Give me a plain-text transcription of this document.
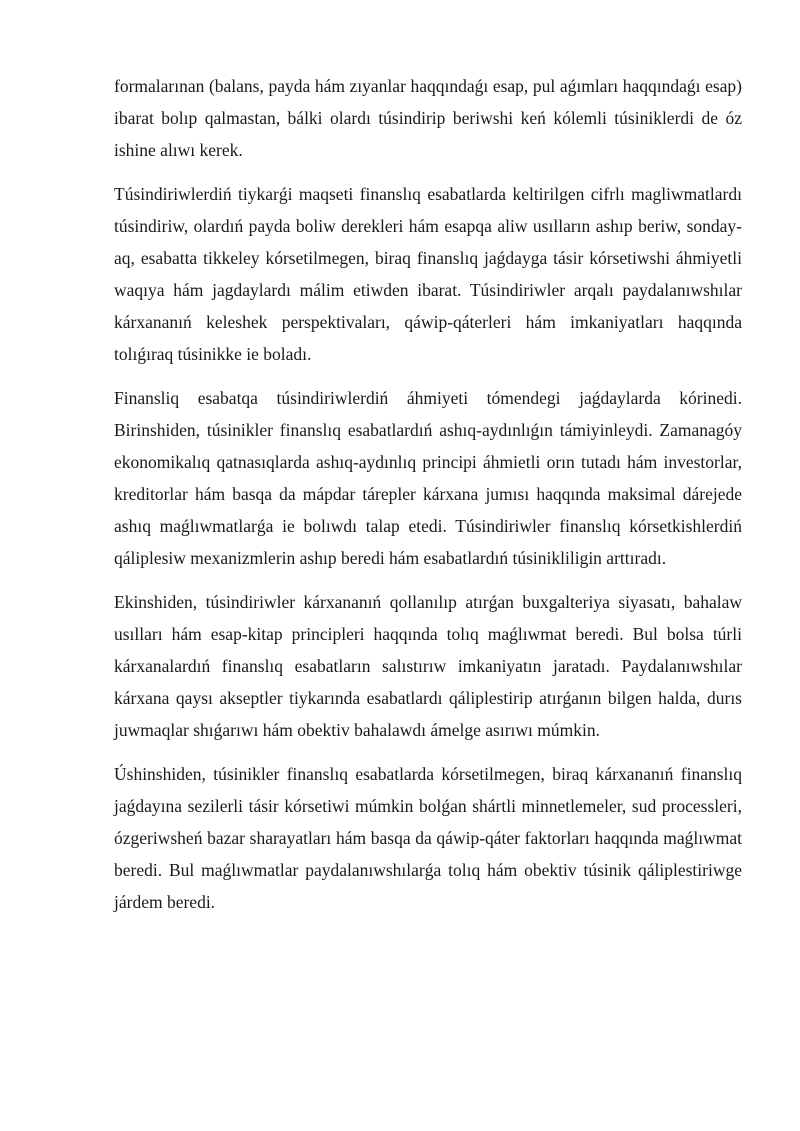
formalarınan (balans, payda hám zıyanlar haqqındaǵı esap, pul aǵımları haqqındaǵı esap) ibarat bolıp qalmastan, bálki olardı túsindirip beriwshi keń kólemli túsiniklerdi de óz ishine alıwı kerek.

Túsindiriwlerdiń tiykarǵi maqseti finanslıq esabatlarda keltirilgen cifrlı magliwmatlardı túsindiriw, olardıń payda boliw derekleri hám esapqa aliw usılların ashıp beriw, sonday-aq, esabatta tikkeley kórsetilmegen, biraq finanslıq jaǵdayga tásir kórsetiwshi áhmiyetli waqıya hám jagdaylardı málim etiwden ibarat. Túsindiriwler arqalı paydalanıwshılar kárxananıń keleshek perspektivaları, qáwip-qáterleri hám imkaniyatları haqqında tolıǵıraq túsinikke ie boladı.

Finansliq esabatqa túsindiriwlerdiń áhmiyeti tómendegi jaǵdaylarda kórinedi. Birinshiden, túsinikler finanslıq esabatlardıń ashıq-aydınlıǵın támiyinleydi. Zamanagóy ekonomikalıq qatnasıqlarda ashıq-aydınlıq principi áhmietli orın tutadı hám investorlar, kreditorlar hám basqa da mápdar tárepler kárxana jumısı haqqında maksimal dárejede ashıq maǵlıwmatlarǵa ie bolıwdı talap etedi. Túsindiriwler finanslıq kórsetkishlerdiń qáliplesiw mexanizmlerin ashıp beredi hám esabatlardıń túsinikliligin arttıradı.

Ekinshiden, túsindiriwler kárxananıń qollanılıp atırǵan buxgalteriya siyasatı, bahalaw usılları hám esap-kitap principleri haqqında tolıq maǵlıwmat beredi. Bul bolsa túrli kárxanalardıń finanslıq esabatların salıstırıw imkaniyatın jaratadı. Paydalanıwshılar kárxana qaysı akseptler tiykarında esabatlardı qáliplestirip atırǵanın bilgen halda, durıs juwmaqlar shıǵarıwı hám obektiv bahalawdı ámelge asırıwı múmkin.

Úshinshiden, túsinikler finanslıq esabatlarda kórsetilmegen, biraq kárxananıń finanslıq jaǵdayına sezilerli tásir kórsetiwi múmkin bolǵan shártli minnetlemeler, sud processleri, ózgeriwsheń bazar sharayatları hám basqa da qáwip-qáter faktorları haqqında maǵlıwmat beredi. Bul maǵlıwmatlar paydalanıwshılarǵa tolıq hám obektiv túsinik qáliplestiriwge járdem beredi.
